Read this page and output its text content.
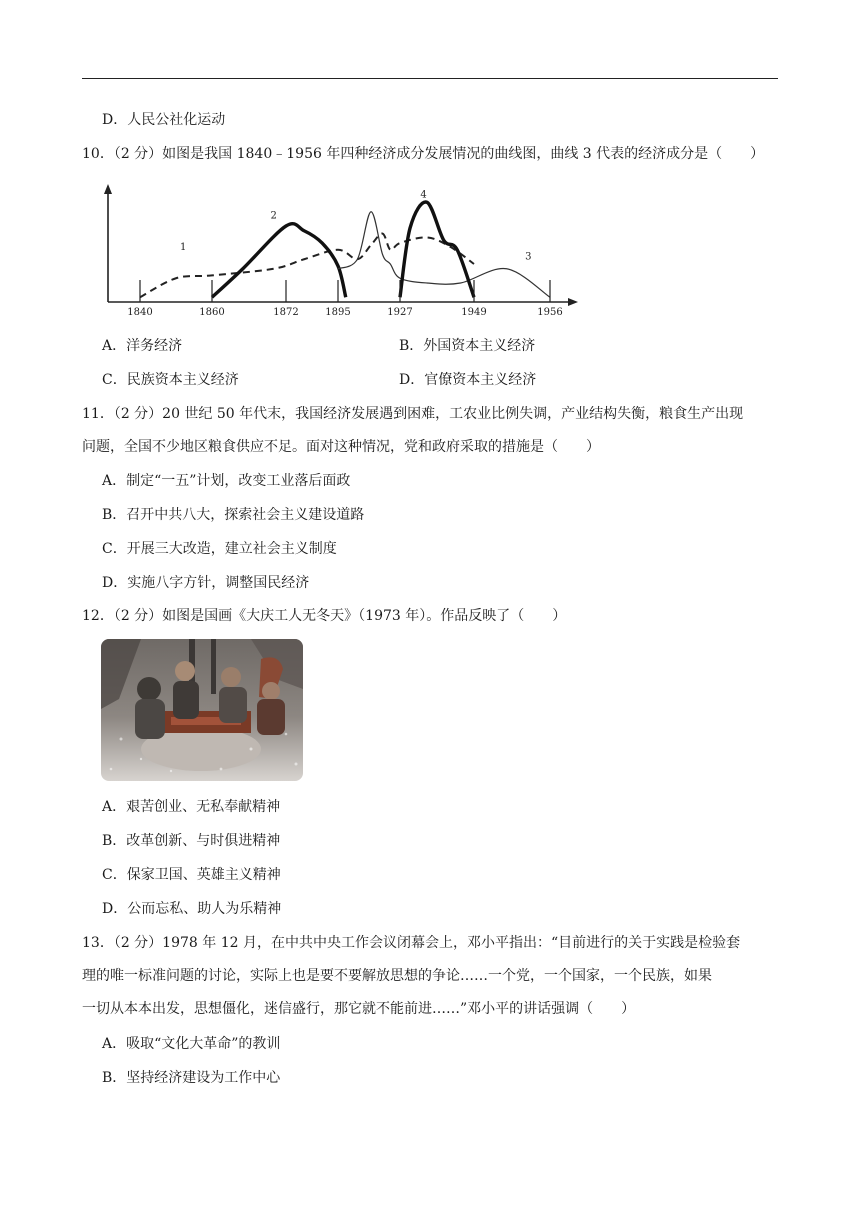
D．人民公社化运动
10．（2 分）如图是我国 1840﹣1956 年四种经济成分发展情况的曲线图，曲线 3 代表的经济成分是（　　）
1840	1860	1872	1895	1927	1949	1956
1
2
3
4
A．洋务经济	B．外国资本主义经济
C．民族资本主义经济	D．官僚资本主义经济
11．（2 分）20 世纪 50 年代末，我国经济发展遇到困难，工农业比例失调，产业结构失衡，粮食生产出现
问题，全国不少地区粮食供应不足。面对这种情况，党和政府采取的措施是（　　）
A．制定“一五”计划，改变工业落后面政
B．召开中共八大，探索社会主义建设道路
C．开展三大改造，建立社会主义制度
D．实施八字方针，调整国民经济
12．（2 分）如图是国画《大庆工人无冬天》（1973 年）。作品反映了（　　）
A．艰苦创业、无私奉献精神
B．改革创新、与时俱进精神
C．保家卫国、英雄主义精神
D．公而忘私、助人为乐精神
13．（2 分）1978 年 12 月，在中共中央工作会议闭幕会上，邓小平指出：“目前进行的关于实践是检验套
理的唯一标准问题的讨论，实际上也是要不要解放思想的争论……一个党，一个国家，一个民族，如果
一切从本本出发，思想僵化，迷信盛行，那它就不能前进……”邓小平的讲话强调（　　）
A．吸取“文化大革命”的教训
B．坚持经济建设为工作中心
